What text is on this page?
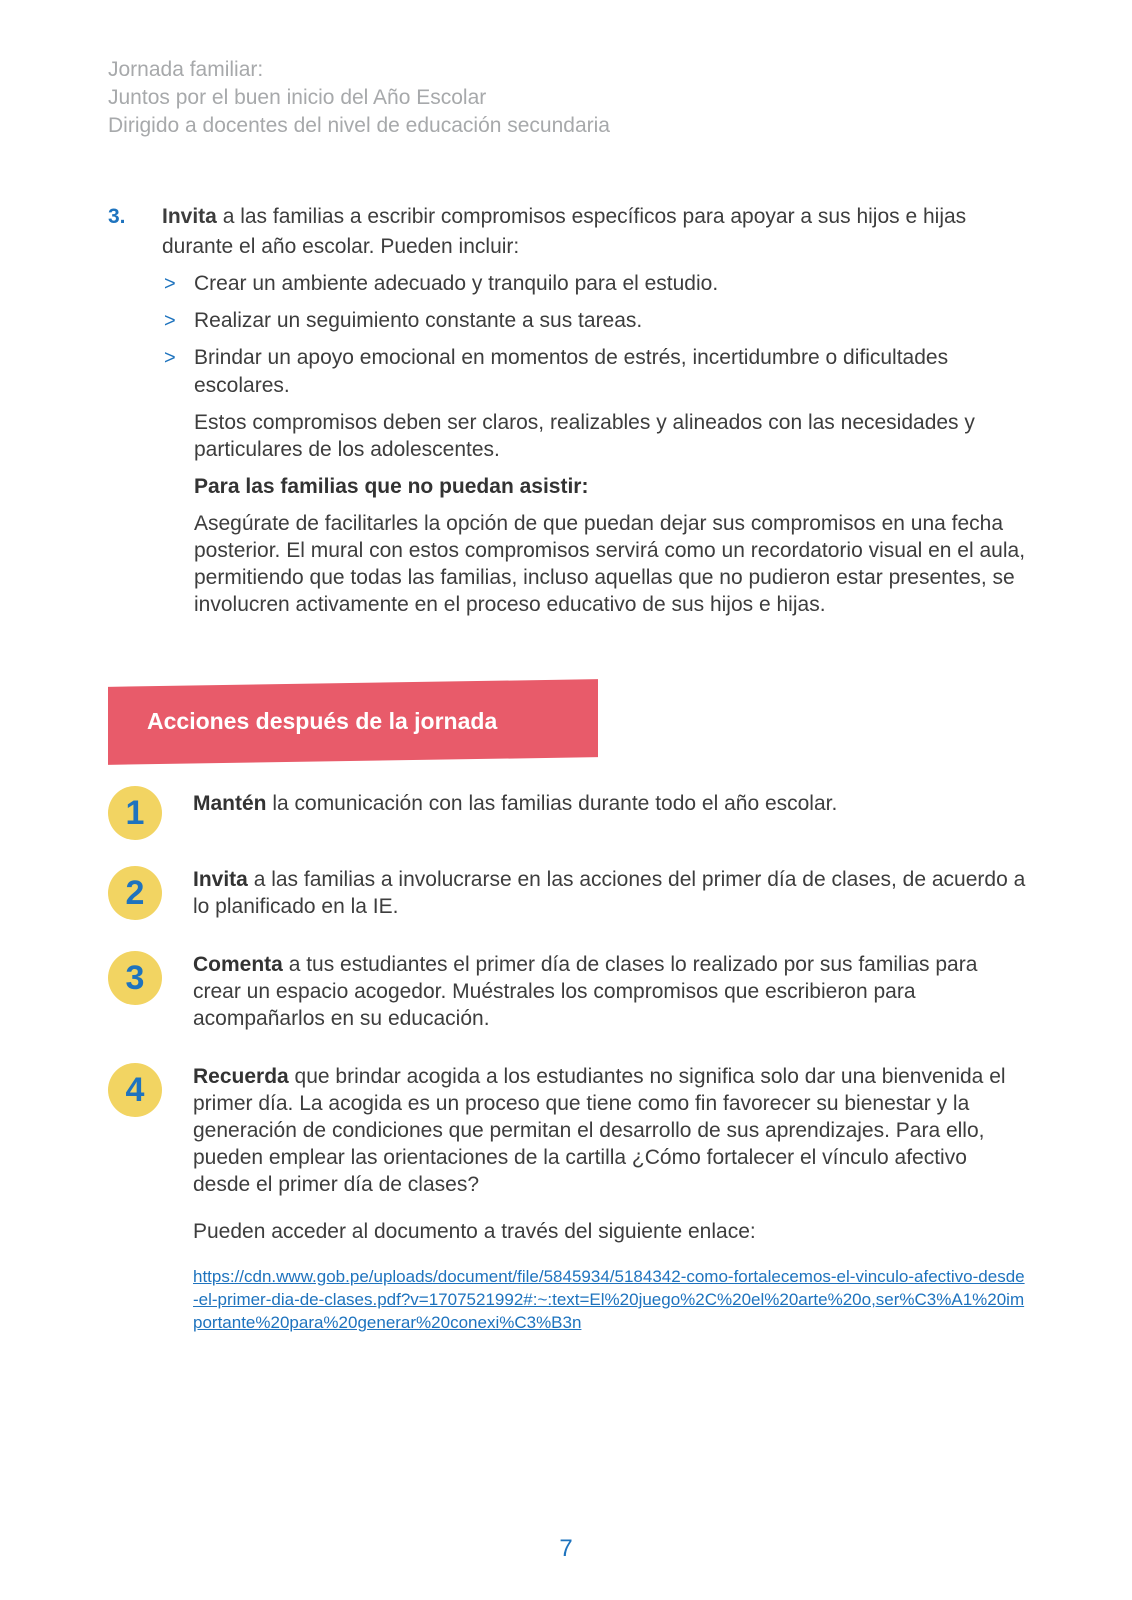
Jornada familiar:
Juntos por el buen inicio del Año Escolar
Dirigido a docentes del nivel de educación secundaria
3. Invita a las familias a escribir compromisos específicos para apoyar a sus hijos e hijas durante el año escolar. Pueden incluir:
> Crear un ambiente adecuado y tranquilo para el estudio.
> Realizar un seguimiento constante a sus tareas.
> Brindar un apoyo emocional en momentos de estrés, incertidumbre o dificultades escolares.

Estos compromisos deben ser claros, realizables y alineados con las necesidades y particulares de los adolescentes.

Para las familias que no puedan asistir:

Asegúrate de facilitarles la opción de que puedan dejar sus compromisos en una fecha posterior. El mural con estos compromisos servirá como un recordatorio visual en el aula, permitiendo que todas las familias, incluso aquellas que no pudieron estar presentes, se involucren activamente en el proceso educativo de sus hijos e hijas.

Acciones después de la jornada
1	Mantén la comunicación con las familias durante todo el año escolar.
2	Invita a las familias a involucrarse en las acciones del primer día de clases, de acuerdo a lo planificado en la IE.
3	Comenta a tus estudiantes el primer día de clases lo realizado por sus familias para crear un espacio acogedor. Muéstrales los compromisos que escribieron para acompañarlos en su educación.
4	Recuerda que brindar acogida a los estudiantes no significa solo dar una bienvenida el primer día. La acogida es un proceso que tiene como fin favorecer su bienestar y la generación de condiciones que permitan el desarrollo de sus aprendizajes. Para ello, pueden emplear las orientaciones de la cartilla ¿Cómo fortalecer el vínculo afectivo desde el primer día de clases?

Pueden acceder al documento a través del siguiente enlace:

https://cdn.www.gob.pe/uploads/document/file/5845934/5184342-como-fortalecemos-el-vinculo-afectivo-desde-el-primer-dia-de-clases.pdf?v=1707521992#:~:text=El%20juego%2C%20el%20arte%20o,ser%C3%A1%20importante%20para%20generar%20conexi%C3%B3n
7
